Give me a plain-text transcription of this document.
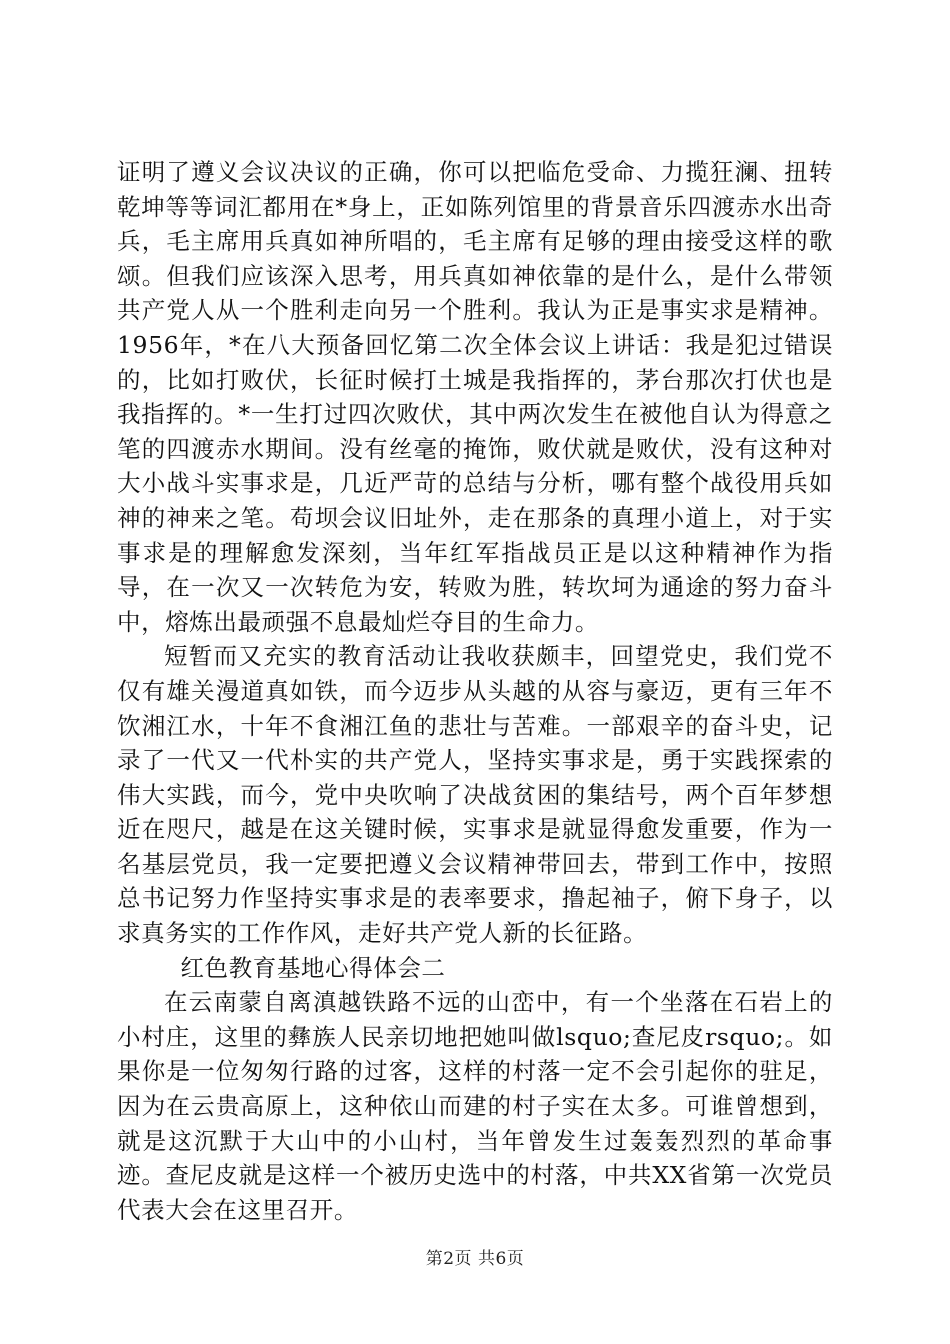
证明了遵义会议决议的正确，你可以把临危受命、力揽狂澜、扭转乾坤等等词汇都用在*身上，正如陈列馆里的背景音乐四渡赤水出奇兵，毛主席用兵真如神所唱的，毛主席有足够的理由接受这样的歌颂。但我们应该深入思考，用兵真如神依靠的是什么，是什么带领共产党人从一个胜利走向另一个胜利。我认为正是事实求是精神。1956年，*在八大预备回忆第二次全体会议上讲话：我是犯过错误的，比如打败伏，长征时候打土城是我指挥的，茅台那次打伏也是我指挥的。*一生打过四次败伏，其中两次发生在被他自认为得意之笔的四渡赤水期间。没有丝毫的掩饰，败伏就是败伏，没有这种对大小战斗实事求是，几近严苛的总结与分析，哪有整个战役用兵如神的神来之笔。苟坝会议旧址外，走在那条的真理小道上，对于实事求是的理解愈发深刻，当年红军指战员正是以这种精神作为指导，在一次又一次转危为安，转败为胜，转坎坷为通途的努力奋斗中，熔炼出最顽强不息最灿烂夺目的生命力。

短暂而又充实的教育活动让我收获颇丰，回望党史，我们党不仅有雄关漫道真如铁，而今迈步从头越的从容与豪迈，更有三年不饮湘江水，十年不食湘江鱼的悲壮与苦难。一部艰辛的奋斗史，记录了一代又一代朴实的共产党人，坚持实事求是，勇于实践探索的伟大实践，而今，党中央吹响了决战贫困的集结号，两个百年梦想近在咫尺，越是在这关键时候，实事求是就显得愈发重要，作为一名基层党员，我一定要把遵义会议精神带回去，带到工作中，按照总书记努力作坚持实事求是的表率要求，撸起袖子，俯下身子，以求真务实的工作作风，走好共产党人新的长征路。

红色教育基地心得体会二

在云南蒙自离滇越铁路不远的山峦中，有一个坐落在石岩上的小村庄，这里的彝族人民亲切地把她叫做lsquo;查尼皮rsquo;。如果你是一位匆匆行路的过客，这样的村落一定不会引起你的驻足，因为在云贵高原上，这种依山而建的村子实在太多。可谁曾想到，就是这沉默于大山中的小山村，当年曾发生过轰轰烈烈的革命事迹。查尼皮就是这样一个被历史选中的村落，中共XX省第一次党员代表大会在这里召开。

第2页 共6页
